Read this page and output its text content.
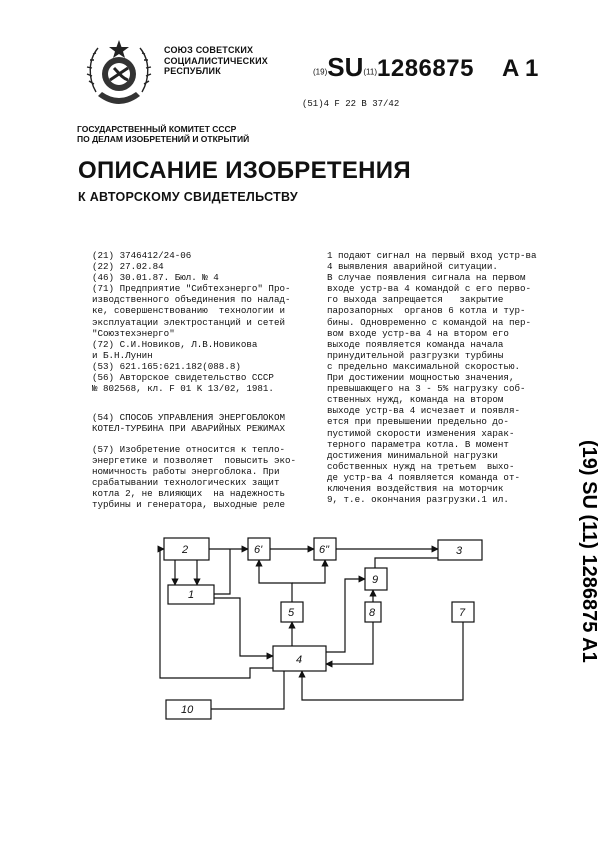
СОЮЗ СОВЕТСКИХ
СОЦИАЛИСТИЧЕСКИХ
РЕСПУБЛИК	(19)SU(11)1286875 A 1
(51)4 F 22 B 37/42
ГОСУДАРСТВЕННЫЙ КОМИТЕТ СССР
ПО ДЕЛАМ ИЗОБРЕТЕНИЙ И ОТКРЫТИЙ
ОПИСАНИЕ ИЗОБРЕТЕНИЯ
К АВТОРСКОМУ СВИДЕТЕЛЬСТВУ
(21) 3746412/24-06
(22) 27.02.84
(46) 30.01.87. Бюл. № 4
(71) Предприятие "Сибтехэнерго" Про-
изводственного объединения по налад-
ке, совершенствованию  технологии и
эксплуатации электростанций и сетей
"Союзтехэнерго"
(72) С.И.Новиков, Л.В.Новикова
и Б.Н.Лунин
(53) 621.165:621.182(088.8)
(56) Авторское свидетельство СССР
№ 802568, кл. F 01 K 13/02, 1981.
(54) СПОСОБ УПРАВЛЕНИЯ ЭНЕРГОБЛОКОМ
КОТЕЛ-ТУРБИНА ПРИ АВАРИЙНЫХ РЕЖИМАХ
(57) Изобретение относится к тепло-
энергетике и позволяет  повысить эко-
номичность работы энергоблока. При
срабатывании технологических защит
котла 2, не влияющих  на надежность
турбины и генератора, выходные реле
1 подают сигнал на первый вход устр-ва
4 выявления аварийной ситуации.
В случае появления сигнала на первом
входе устр-ва 4 командой с его перво-
го выхода запрещается   закрытие
парозапорных  органов 6 котла и тур-
бины. Одновременно с командой на пер-
вом входе устр-ва 4 на втором его
выходе появляется команда начала
принудительной разгрузки турбины
с предельно максимальной скоростью.
При достижении мощностью значения,
превышающего на 3 - 5% нагрузку соб-
ственных нужд, команда на втором
выходе устр-ва 4 исчезает и появля-
ется при превышении предельно до-
пустимой скорости изменения харак-
терного параметра котла. В момент
достижения минимальной нагрузки
собственных нужд на третьем  выхо-
де устр-ва 4 появляется команда от-
ключения воздействия на моторчик
9, т.е. окончания разгрузки.1 ил.	(19) SU (11) 1286875 A1
2
1
6'	6"	3
9
5	8	7
4
10
